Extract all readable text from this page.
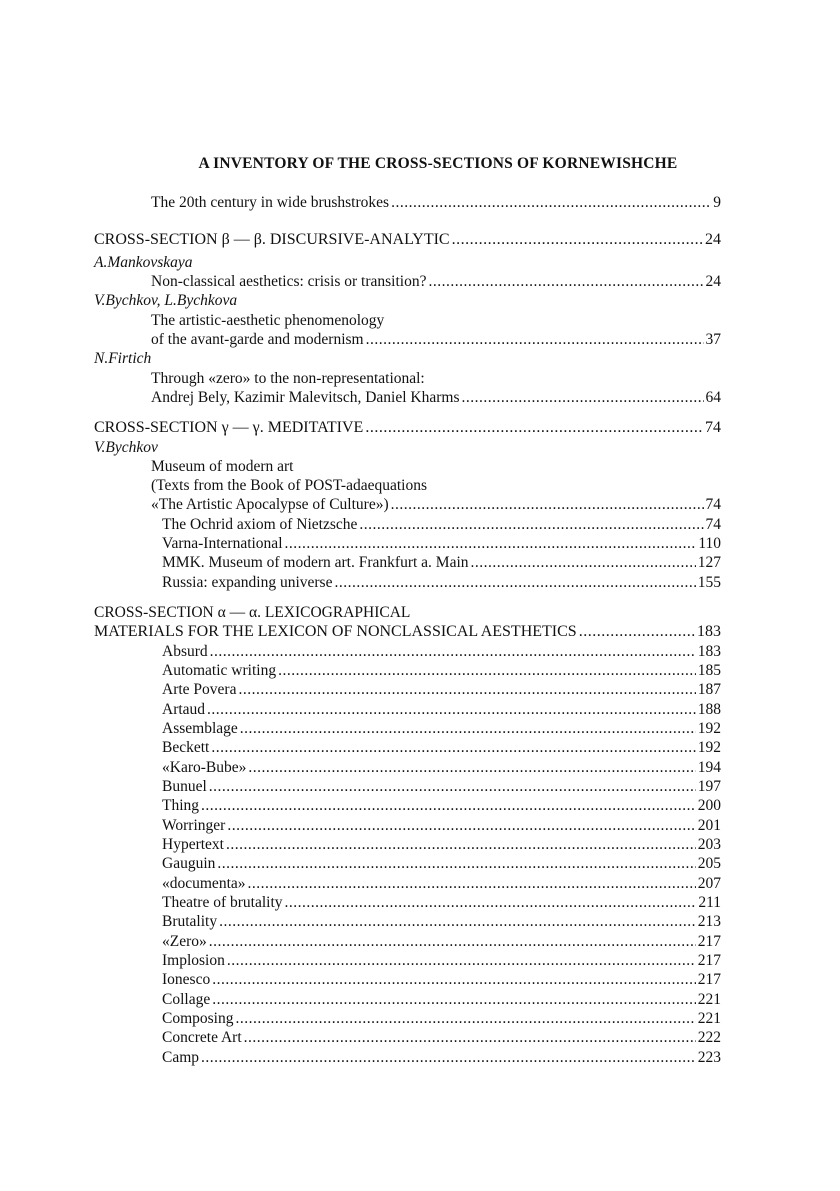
A INVENTORY OF THE CROSS-SECTIONS OF KORNEWISHCHE
The 20th century in wide brushstrokes .....	9
CROSS-SECTION β — β. DISCURSIVE-ANALYTIC .....	24
A.Mankovskaya
Non-classical aesthetics: crisis or transition? .....	24
V.Bychkov, L.Bychkova
The artistic-aesthetic phenomenology
of the avant-garde and modernism .....	37
N.Firtich
Through «zero» to the non-representational:
Andrej Bely, Kazimir Malevitsch, Daniel Kharms .....	64
CROSS-SECTION γ — γ. MEDITATIVE .....	74
V.Bychkov
Museum of modern art
(Texts from the Book of POST-adaequations
«The Artistic Apocalypse of Culture») .....	74
The Ochrid axiom of Nietzsche .....	74
Varna-International .....	110
MMK. Museum of modern art. Frankfurt a. Main .....	127
Russia: expanding universe .....	155
CROSS-SECTION α — α. LEXICOGRAPHICAL
MATERIALS FOR THE LEXICON OF NONCLASSICAL AESTHETICS .....	183
Absurd .....	183
Automatic writing .....	185
Arte Povera .....	187
Artaud .....	188
Assemblage .....	192
Beckett .....	192
«Karo-Bube» .....	194
Bunuel .....	197
Thing .....	200
Worringer .....	201
Hypertext .....	203
Gauguin .....	205
«documenta» .....	207
Theatre of brutality .....	211
Brutality .....	213
«Zero» .....	217
Implosion .....	217
Ionesco .....	217
Collage .....	221
Composing .....	221
Concrete Art .....	222
Camp .....	223
